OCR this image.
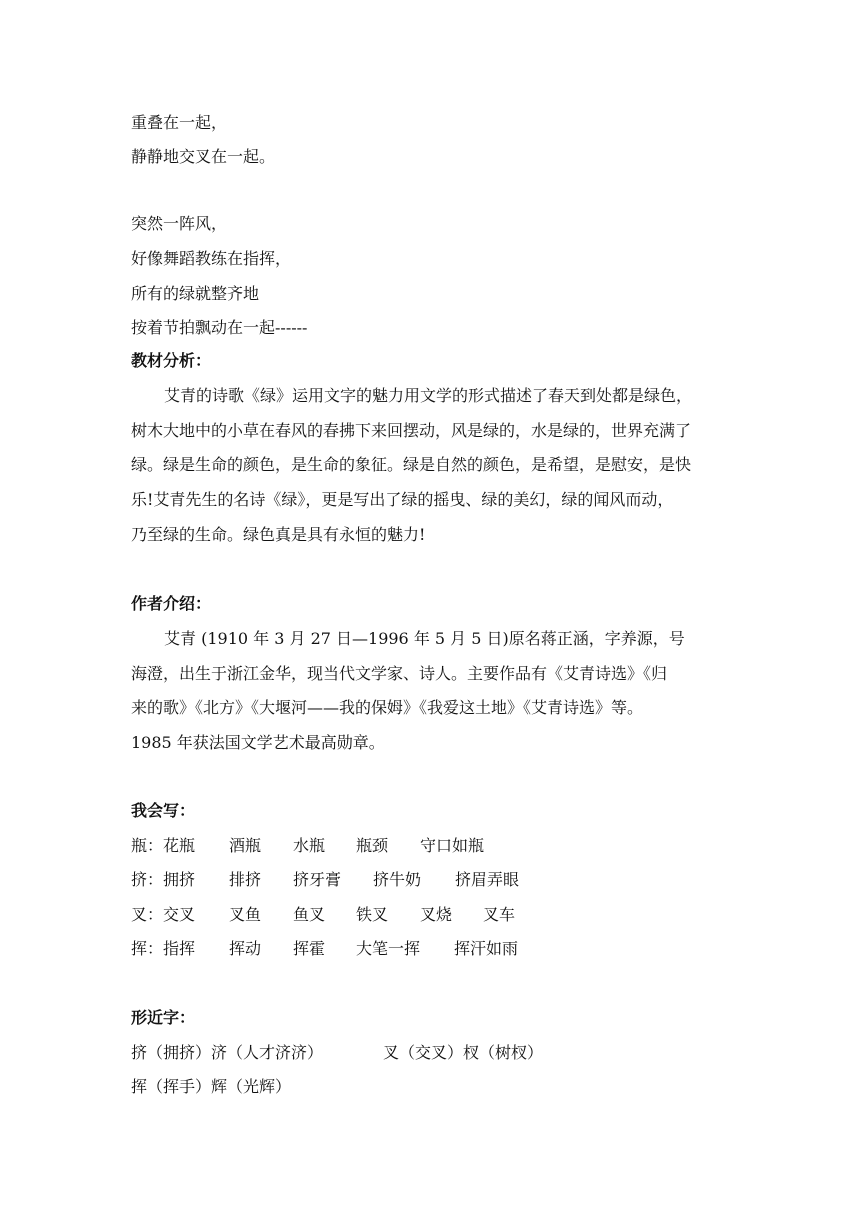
重叠在一起，
静静地交叉在一起。
突然一阵风，
好像舞蹈教练在指挥，
所有的绿就整齐地
按着节拍飘动在一起------
教材分析：
艾青的诗歌《绿》运用文字的魅力用文学的形式描述了春天到处都是绿色，
树木大地中的小草在春风的春拂下来回摆动，风是绿的，水是绿的，世界充满了
绿。绿是生命的颜色，是生命的象征。绿是自然的颜色，是希望，是慰安，是快
乐!艾青先生的名诗《绿》，更是写出了绿的摇曳、绿的美幻，绿的闻风而动，
乃至绿的生命。绿色真是具有永恒的魅力!
作者介绍：
艾青 (1910 年 3 月 27 日—1996 年 5 月 5 日)原名蒋正涵，字养源，号
海澄，出生于浙江金华，现当代文学家、诗人。主要作品有《艾青诗选》《归
来的歌》《北方》《大堰河——我的保姆》《我爱这土地》《艾青诗选》等。
1985 年获法国文学艺术最高勋章。
我会写：
瓶：花瓶 酒瓶 水瓶 瓶颈 守口如瓶
挤：拥挤 排挤 挤牙膏 挤牛奶 挤眉弄眼
叉：交叉 叉鱼 鱼叉 铁叉 叉烧 叉车
挥：指挥 挥动 挥霍 大笔一挥 挥汗如雨
形近字：
挤（拥挤）济（人才济济）	叉（交叉）杈（树杈）
挥（挥手）辉（光辉）
